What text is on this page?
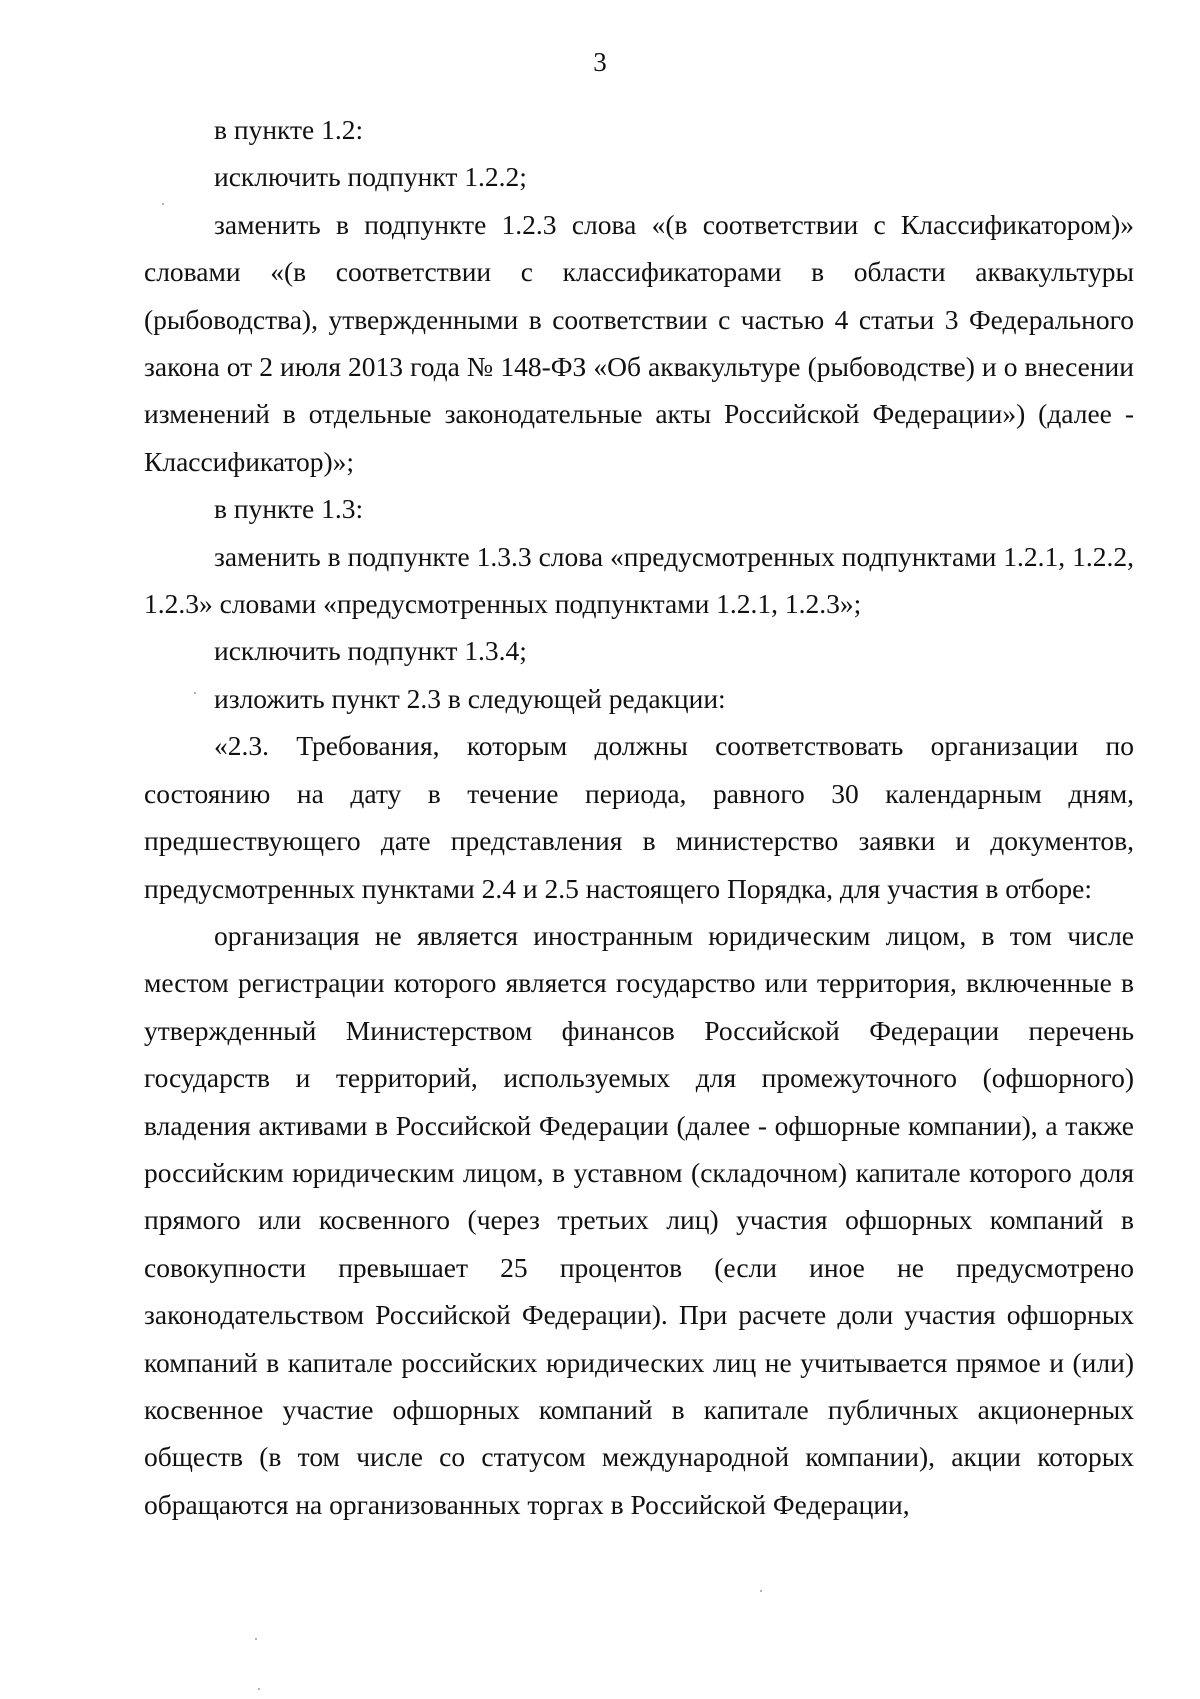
3

в пункте 1.2:

исключить подпункт 1.2.2;

заменить в подпункте 1.2.3 слова «(в соответствии с Классификатором)» словами «(в соответствии с классификаторами в области аквакультуры (рыбоводства), утвержденными в соответствии с частью 4 статьи 3 Федерального закона от 2 июля 2013 года № 148-ФЗ «Об аквакультуре (рыбоводстве) и о внесении изменений в отдельные законодательные акты Российской Федерации») (далее - Классификатор)»;

в пункте 1.3:

заменить в подпункте 1.3.3 слова «предусмотренных подпунктами 1.2.1, 1.2.2, 1.2.3» словами «предусмотренных подпунктами 1.2.1, 1.2.3»;

исключить подпункт 1.3.4;

изложить пункт 2.3 в следующей редакции:

«2.3. Требования, которым должны соответствовать организации по состоянию на дату в течение периода, равного 30 календарным дням, предшествующего дате представления в министерство заявки и документов, предусмотренных пунктами 2.4 и 2.5 настоящего Порядка, для участия в отборе:

организация не является иностранным юридическим лицом, в том числе местом регистрации которого является государство или территория, включенные в утвержденный Министерством финансов Российской Федерации перечень государств и территорий, используемых для промежуточного (офшорного) владения активами в Российской Федерации (далее - офшорные компании), а также российским юридическим лицом, в уставном (складочном) капитале которого доля прямого или косвенного (через третьих лиц) участия офшорных компаний в совокупности превышает 25 процентов (если иное не предусмотрено законодательством Российской Федерации). При расчете доли участия офшорных компаний в капитале российских юридических лиц не учитывается прямое и (или) косвенное участие офшорных компаний в капитале публичных акционерных обществ (в том числе со статусом международной компании), акции которых обращаются на организованных торгах в Российской Федерации,
